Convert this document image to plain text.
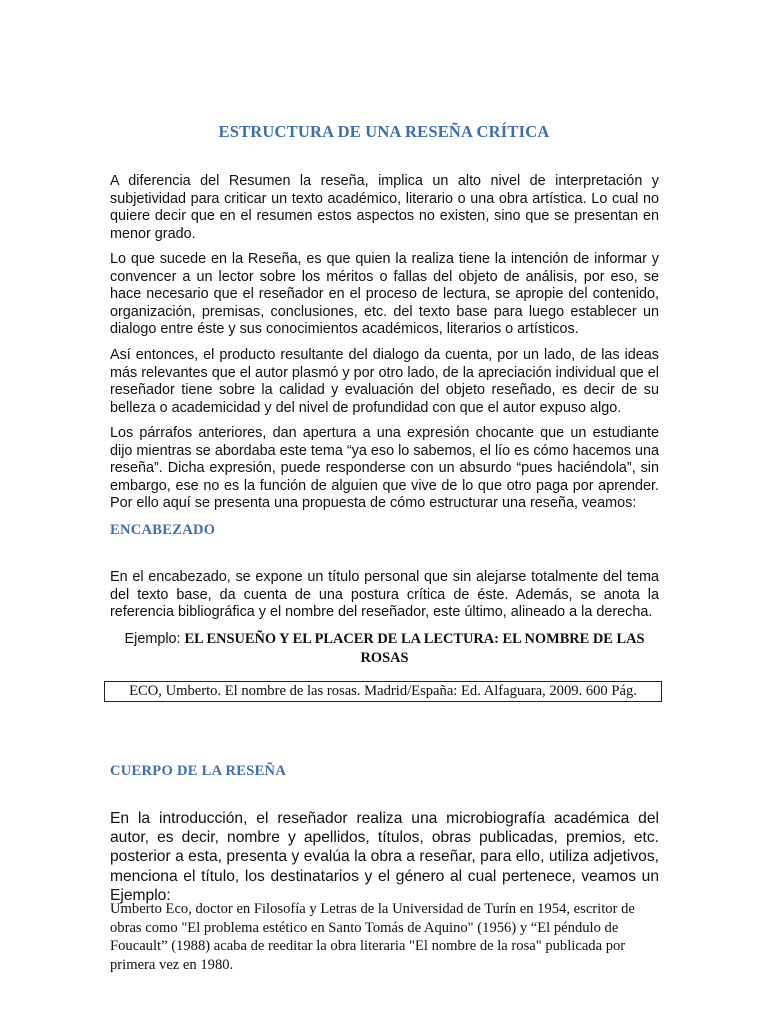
ESTRUCTURA DE UNA RESEÑA CRÍTICA

A diferencia del Resumen la reseña, implica un alto nivel de interpretación y subjetividad para criticar un texto académico, literario o una obra artística. Lo cual no quiere decir que en el resumen estos aspectos no existen, sino que se presentan en menor grado.

Lo que sucede en la Reseña, es que quien la realiza tiene la intención de informar y convencer a un lector sobre los méritos o fallas del objeto de análisis, por eso, se hace necesario que el reseñador en el proceso de lectura, se apropie del contenido, organización, premisas, conclusiones, etc. del texto base para luego establecer un dialogo entre éste y sus conocimientos académicos, literarios o artísticos.

Así entonces, el producto resultante del dialogo da cuenta, por un lado, de las ideas más relevantes que el autor plasmó y por otro lado, de la apreciación individual que el reseñador tiene sobre la calidad y evaluación del objeto reseñado, es decir de su belleza o academicidad y del nivel de profundidad con que el autor expuso algo.

Los párrafos anteriores, dan apertura a una expresión chocante que un estudiante dijo mientras se abordaba este tema “ya eso lo sabemos, el lío es cómo hacemos una reseña”. Dicha expresión, puede responderse con un absurdo “pues haciéndola”, sin embargo, ese no es la función de alguien que vive de lo que otro paga por aprender. Por ello aquí se presenta una propuesta de cómo estructurar una reseña, veamos:

ENCABEZADO

En el encabezado, se expone un título personal que sin alejarse totalmente del tema del texto base, da cuenta de una postura crítica de éste. Además, se anota la referencia bibliográfica y el nombre del reseñador, este último, alineado a la derecha.

Ejemplo: EL ENSUEÑO Y EL PLACER DE LA LECTURA: EL NOMBRE DE LAS ROSAS
ECO, Umberto. El nombre de las rosas. Madrid/España: Ed. Alfaguara, 2009. 600 Pág.
CUERPO DE LA RESEÑA

En la introducción, el reseñador realiza una microbiografía académica del autor, es decir, nombre y apellidos, títulos, obras publicadas, premios, etc. posterior a esta, presenta y evalúa la obra a reseñar, para ello, utiliza adjetivos, menciona el título, los destinatarios y el género al cual pertenece, veamos un Ejemplo:

Umberto Eco, doctor en Filosofía y Letras de la Universidad de Turín en 1954, escritor de obras como "El problema estético en Santo Tomás de Aquino" (1956) y “El péndulo de Foucault” (1988) acaba de reeditar la obra literaria "El nombre de la rosa" publicada por primera vez en 1980.
